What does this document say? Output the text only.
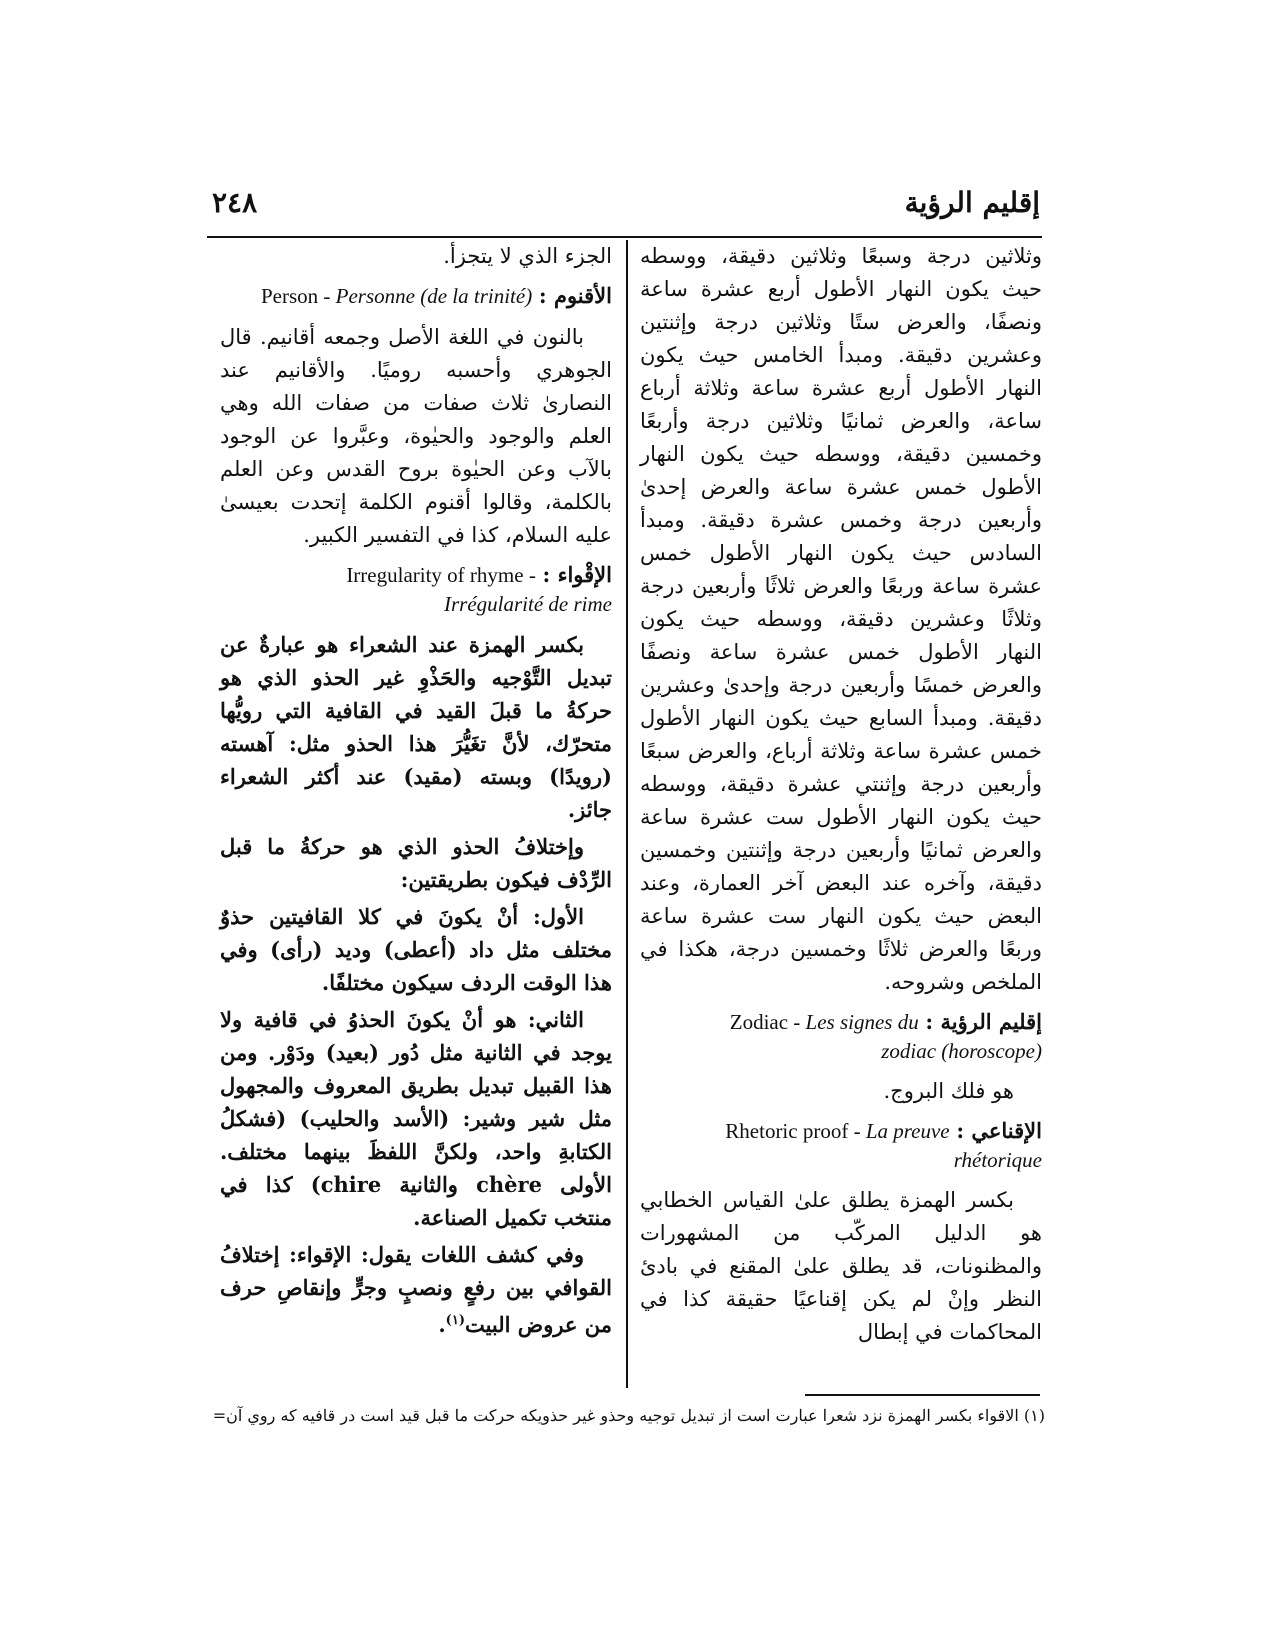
إقليم الرؤية
٢٤٨

وثلاثين درجة وسبعًا وثلاثين دقيقة، ووسطه حيث يكون النهار الأطول أربع عشرة ساعة ونصفًا، والعرض ستًا وثلاثين درجة وإثنتين وعشرين دقيقة. ومبدأ الخامس حيث يكون النهار الأطول أربع عشرة ساعة وثلاثة أرباع ساعة، والعرض ثمانيًا وثلاثين درجة وأربعًا وخمسين دقيقة، ووسطه حيث يكون النهار الأطول خمس عشرة ساعة والعرض إحدىٰ وأربعين درجة وخمس عشرة دقيقة. ومبدأ السادس حيث يكون النهار الأطول خمس عشرة ساعة وربعًا والعرض ثلاثًا وأربعين درجة وثلاثًا وعشرين دقيقة، ووسطه حيث يكون النهار الأطول خمس عشرة ساعة ونصفًا والعرض خمسًا وأربعين درجة وإحدىٰ وعشرين دقيقة. ومبدأ السابع حيث يكون النهار الأطول خمس عشرة ساعة وثلاثة أرباع، والعرض سبعًا وأربعين درجة وإثنتي عشرة دقيقة، ووسطه حيث يكون النهار الأطول ست عشرة ساعة والعرض ثمانيًا وأربعين درجة وإثنتين وخمسين دقيقة، وآخره عند البعض آخر العمارة، وعند البعض حيث يكون النهار ست عشرة ساعة وربعًا والعرض ثلاثًا وخمسين درجة، هكذا في الملخص وشروحه.

إقليم الرؤية : Zodiac - Les signes du
zodiac (horoscope)

هو فلك البروج.

الإقناعي : Rhetoric proof - La preuve
rhétorique

بكسر الهمزة يطلق علىٰ القياس الخطابي هو الدليل المركّب من المشهورات والمظنونات، قد يطلق علىٰ المقنع في بادئ النظر وإنْ لم يكن إقناعيًا حقيقة كذا في المحاكمات في إبطال

الجزء الذي لا يتجزأ.

الأقنوم : Person - Personne (de la trinité)

بالنون في اللغة الأصل وجمعه أقانيم. قال الجوهري وأحسبه روميًا. والأقانيم عند النصارىٰ ثلاث صفات من صفات الله وهي العلم والوجود والحيٰوة، وعبَّروا عن الوجود بالآب وعن الحيٰوة بروح القدس وعن العلم بالكلمة، وقالوا أقنوم الكلمة إتحدت بعيسىٰ عليه السلام، كذا في التفسير الكبير.

الإقْواء : Irregularity of rhyme -
Irrégularité de rime

بكسر الهمزة عند الشعراء هو عبارةٌ عن تبديل التَّوْجيه والحَذْوِ غير الحذو الذي هو حركةُ ما قبلَ القيد في القافية التي رويُّها متحرّك، لأنَّ تغَيُّرَ هذا الحذو مثل: آهسته (رويدًا) وبسته (مقيد) عند أكثر الشعراء جائز.

وإختلافُ الحذو الذي هو حركةُ ما قبل الرِّدْف فيكون بطريقتين:

الأول: أنْ يكونَ في كلا القافيتين حذوٌ مختلف مثل داد (أعطى) وديد (رأى) وفي هذا الوقت الردف سيكون مختلفًا.

الثاني: هو أنْ يكونَ الحذوُ في قافية ولا يوجد في الثانية مثل دُور (بعيد) ودَوْر. ومن هذا القبيل تبديل بطريق المعروف والمجهول مثل شير وشير: (الأسد والحليب) (فشكلُ الكتابةِ واحد، ولكنَّ اللفظَ بينهما مختلف. الأولى chère والثانية chire) كذا في منتخب تكميل الصناعة.

وفي كشف اللغات يقول: الإقواء: إختلافُ القوافي بين رفعٍ ونصبٍ وجرٍّ وإنقاصِ حرف من عروض البيت$^{(١)}$.

(١) الاقواء بكسر الهمزة نزد شعرا عبارت است از تبديل توجيه وحذو غير حذويكه حركت ما قبل قيد است در قافيه كه روي آن=
